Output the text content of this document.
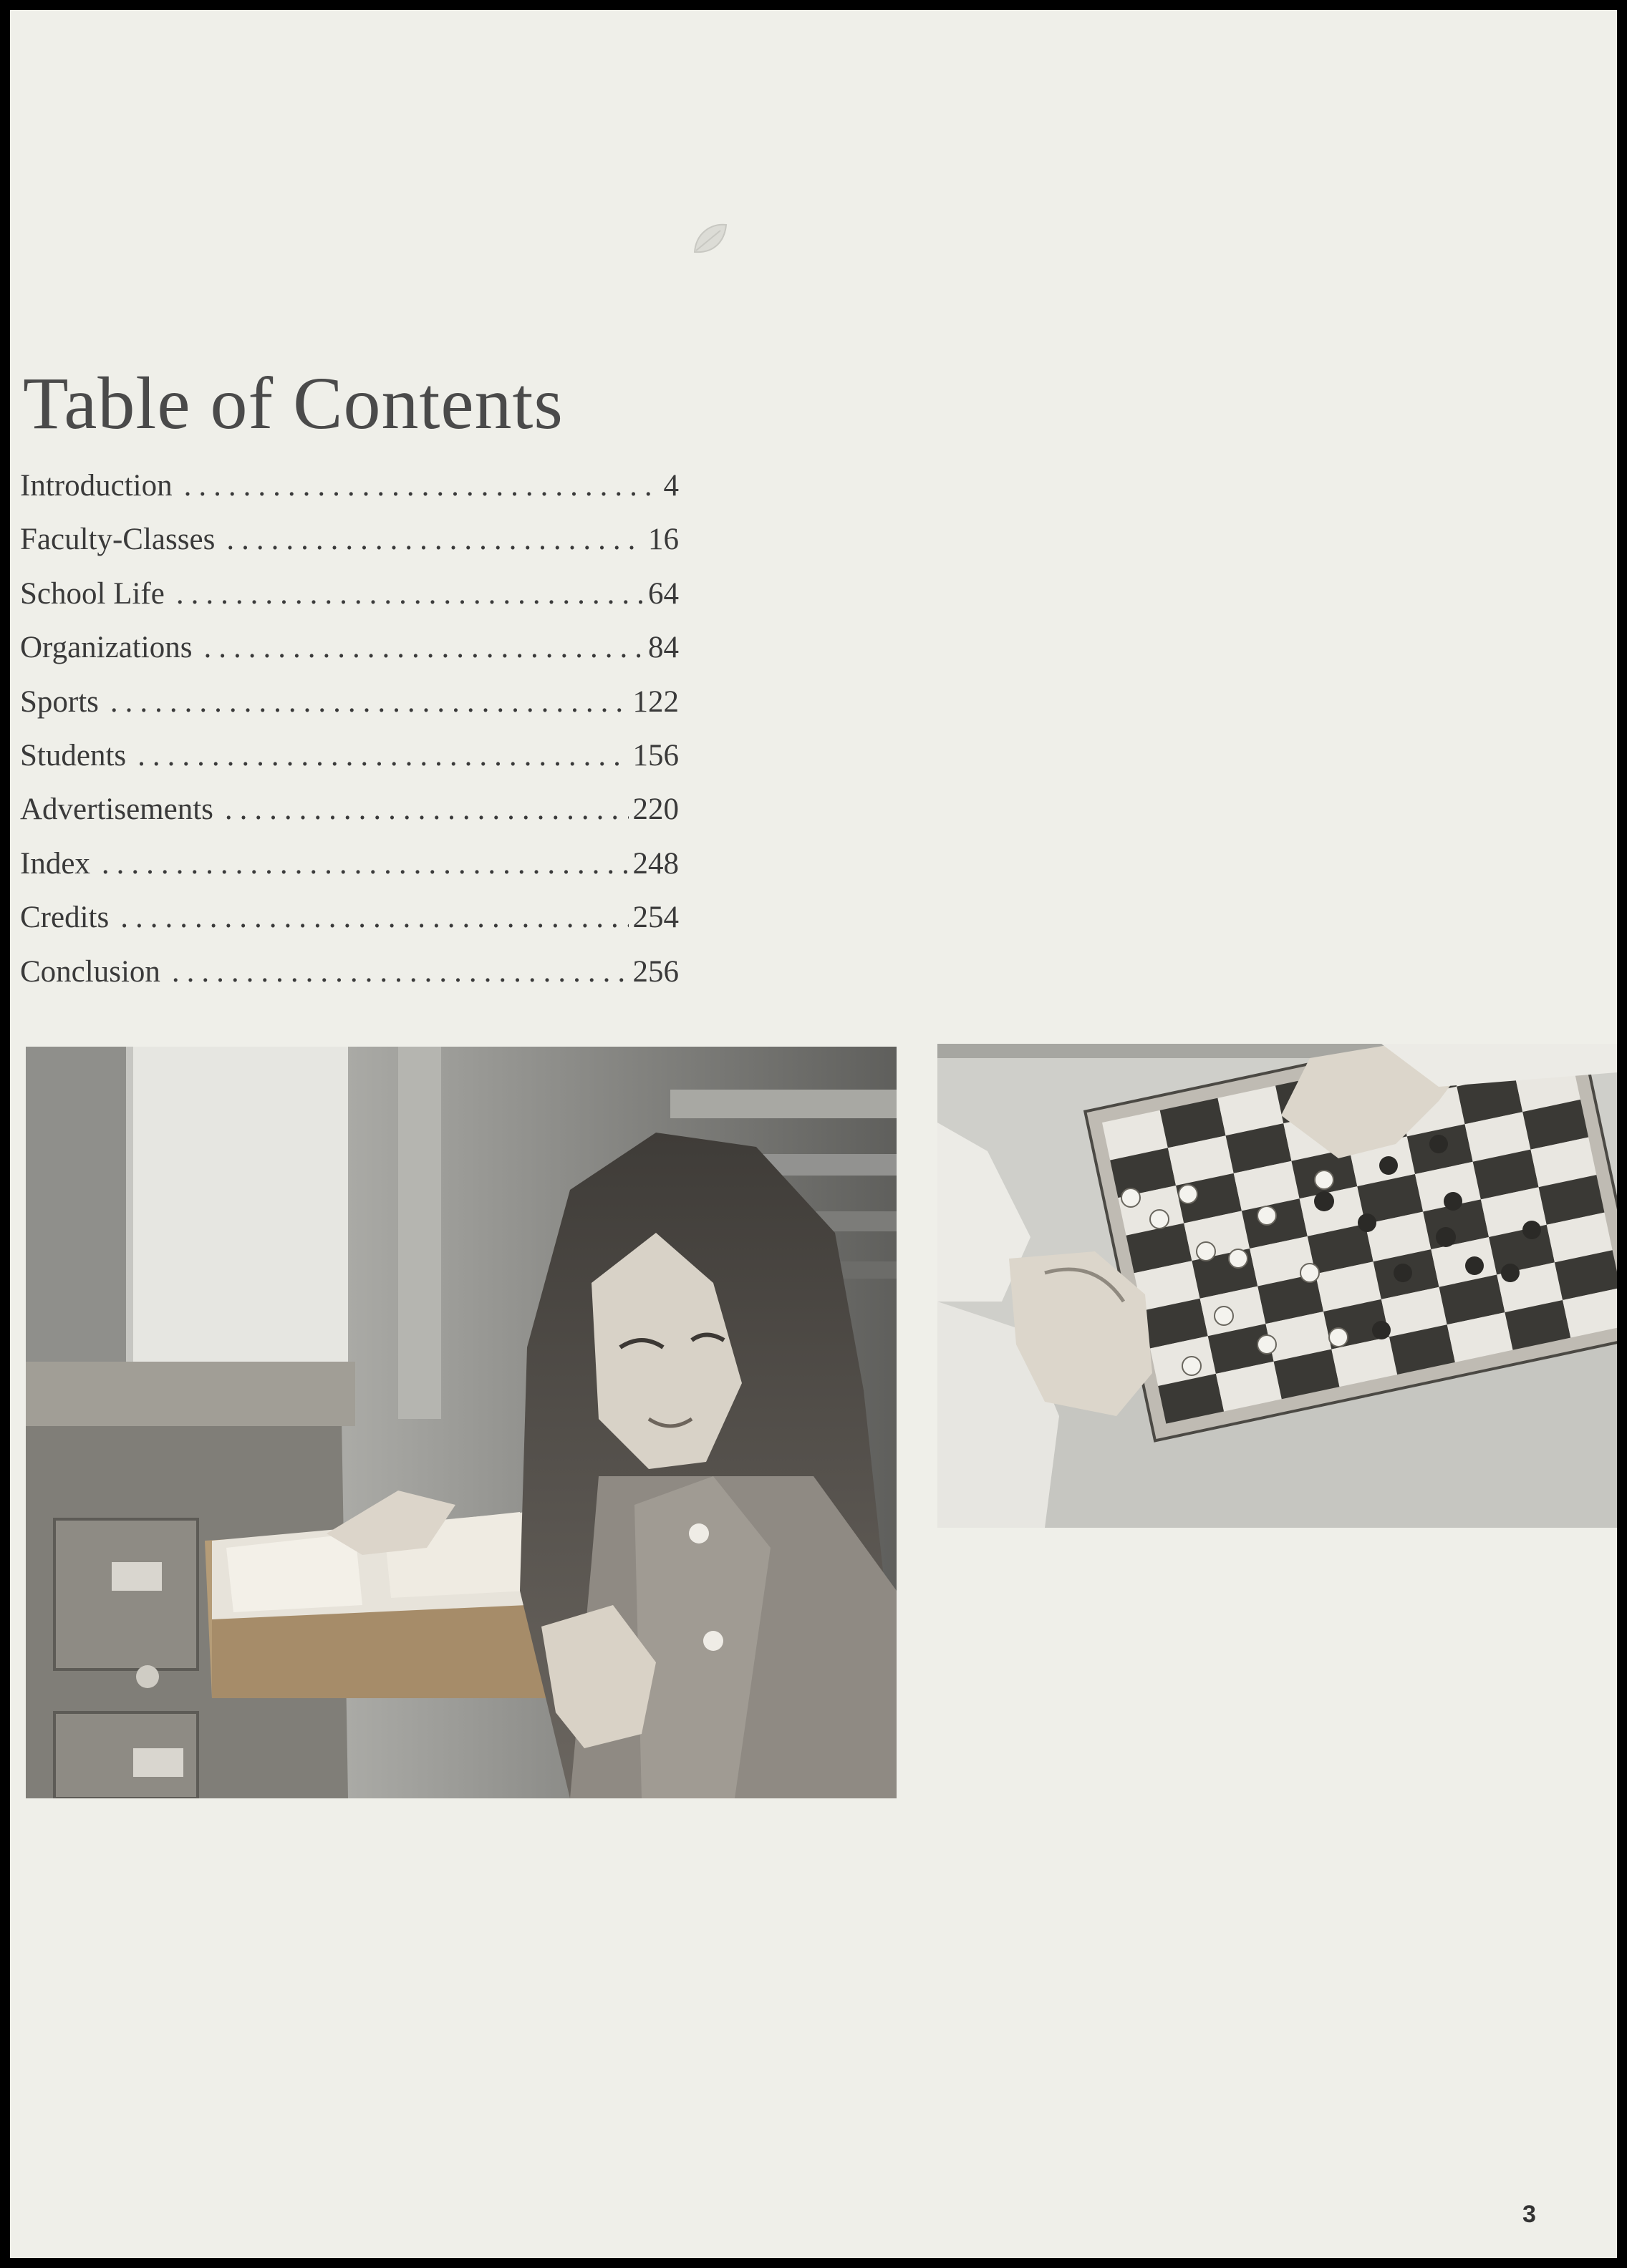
Table of Contents
Introduction .....	4
Faculty-Classes .....	16
School Life .....	64
Organizations .....	84
Sports .....	122
Students .....	156
Advertisements .....	220
Index .....	248
Credits .....	254
Conclusion .....	256
3
